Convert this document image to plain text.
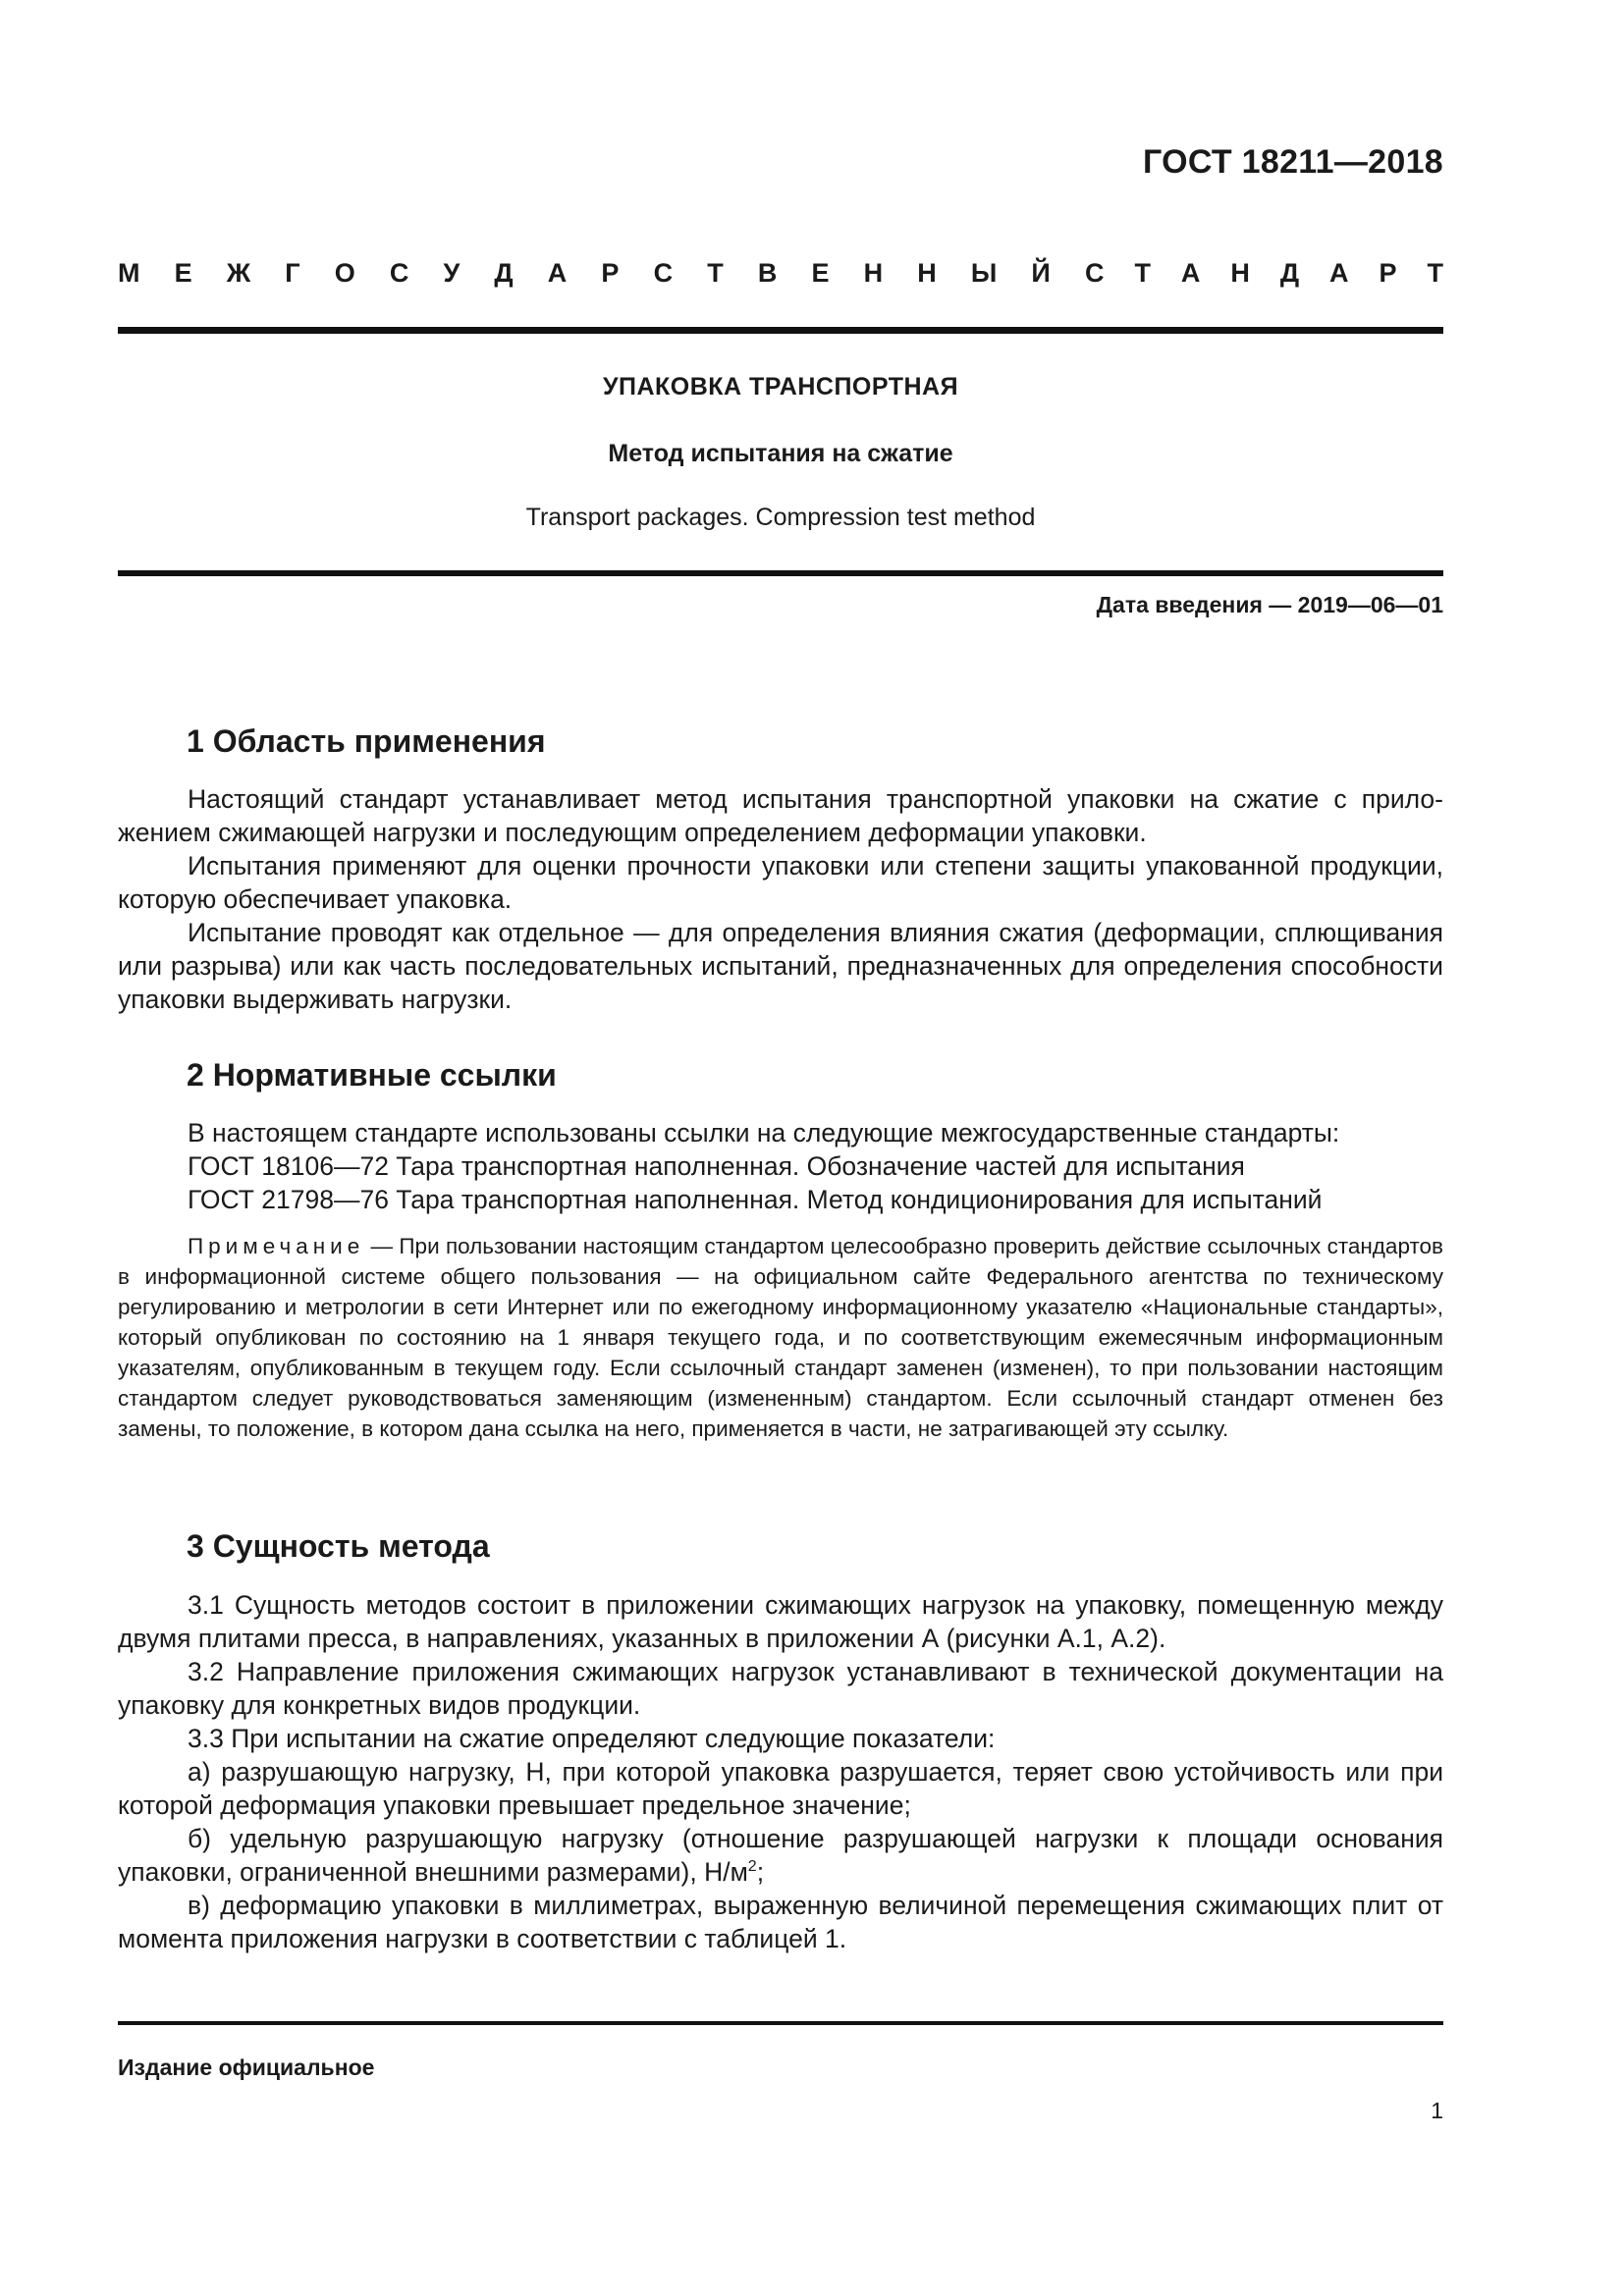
ГОСТ 18211—2018
М Е Ж Г О С У Д А Р С Т В Е Н Н Ы Й С Т А Н Д А Р Т
УПАКОВКА ТРАНСПОРТНАЯ
Метод испытания на сжатие
Transport packages. Compression test method
Дата введения — 2019—06—01
1 Область применения

Настоящий стандарт устанавливает метод испытания транспортной упаковки на сжатие с приложением сжимающей нагрузки и последующим определением деформации упаковки.

Испытания применяют для оценки прочности упаковки или степени защиты упакованной продукции, которую обеспечивает упаковка.

Испытание проводят как отдельное — для определения влияния сжатия (деформации, сплющивания или разрыва) или как часть последовательных испытаний, предназначенных для определения способности упаковки выдерживать нагрузки.

2 Нормативные ссылки

В настоящем стандарте использованы ссылки на следующие межгосударственные стандарты:

ГОСТ 18106—72 Тара транспортная наполненная. Обозначение частей для испытания

ГОСТ 21798—76 Тара транспортная наполненная. Метод кондиционирования для испытаний

Примечание — При пользовании настоящим стандартом целесообразно проверить действие ссылочных стандартов в информационной системе общего пользования — на официальном сайте Федерального агентства по техническому регулированию и метрологии в сети Интернет или по ежегодному информационному указателю «Национальные стандарты», который опубликован по состоянию на 1 января текущего года, и по соответствующим ежемесячным информационным указателям, опубликованным в текущем году. Если ссылочный стандарт заменен (изменен), то при пользовании настоящим стандартом следует руководствоваться заменяющим (измененным) стандартом. Если ссылочный стандарт отменен без замены, то положение, в котором дана ссылка на него, применяется в части, не затрагивающей эту ссылку.

3 Сущность метода

3.1 Сущность методов состоит в приложении сжимающих нагрузок на упаковку, помещенную между двумя плитами пресса, в направлениях, указанных в приложении А (рисунки А.1, А.2).

3.2 Направление приложения сжимающих нагрузок устанавливают в технической документации на упаковку для конкретных видов продукции.

3.3 При испытании на сжатие определяют следующие показатели:

а) разрушающую нагрузку, Н, при которой упаковка разрушается, теряет свою устойчивость или при которой деформация упаковки превышает предельное значение;

б) удельную разрушающую нагрузку (отношение разрушающей нагрузки к площади основания упаковки, ограниченной внешними размерами), $Н/м^2$;

в) деформацию упаковки в миллиметрах, выраженную величиной перемещения сжимающих плит от момента приложения нагрузки в соответствии с таблицей 1.

Издание официальное
1
